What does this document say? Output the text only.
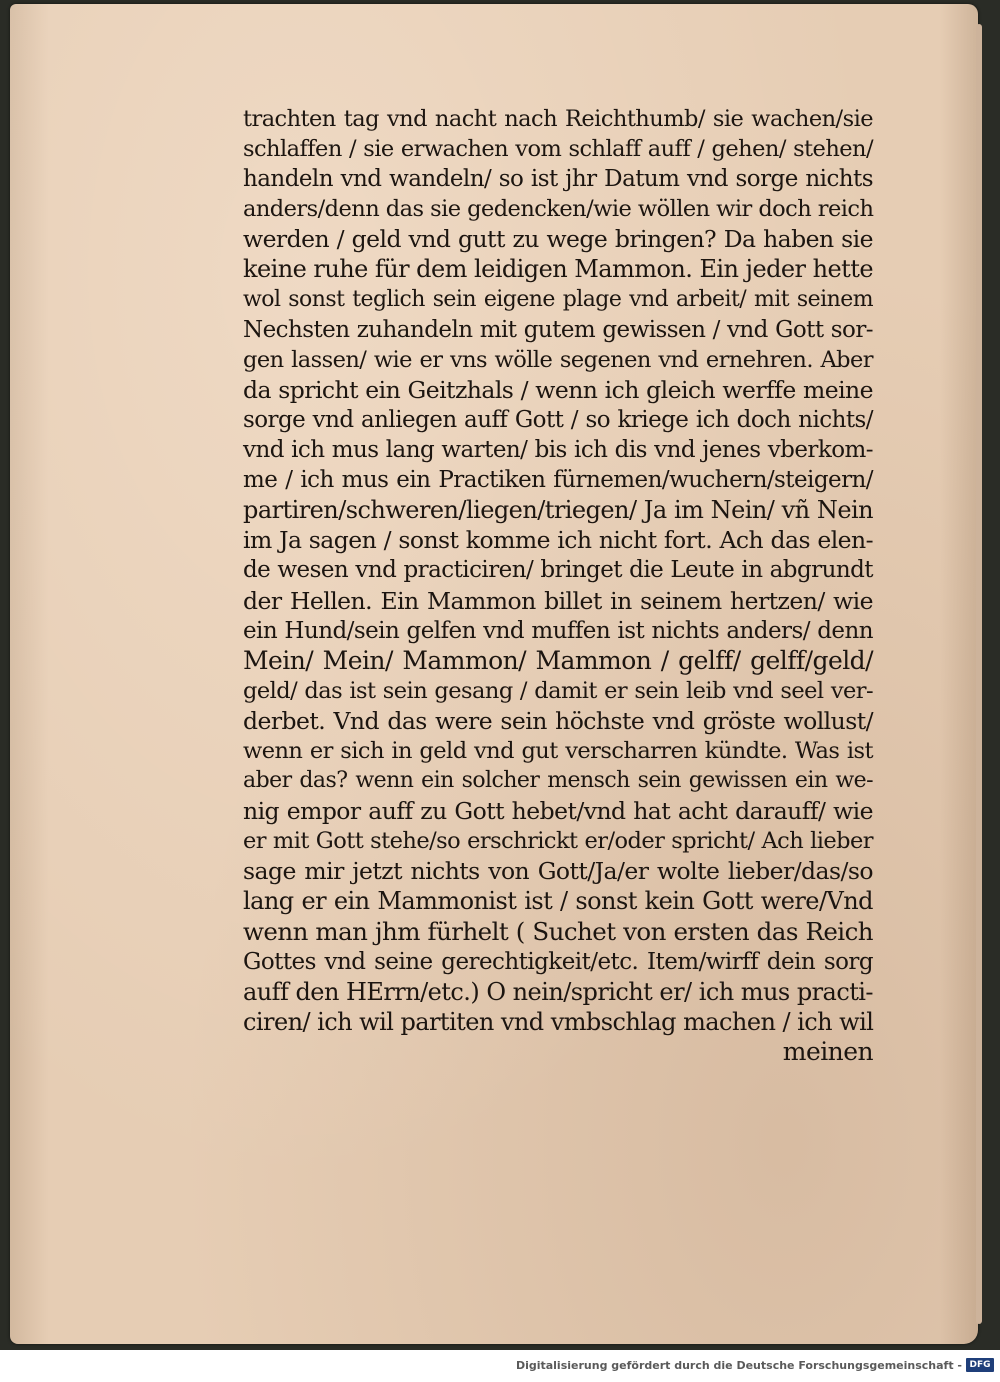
trachten tag vnd nacht nach Reichthumb/ sie wachen/sie
schlaffen / sie erwachen vom schlaff auff / gehen/ stehen/
handeln vnd wandeln/ so ist jhr Datum vnd sorge nichts
anders/denn das sie gedencken/wie wöllen wir doch reich
werden / geld vnd gutt zu wege bringen? Da haben sie
keine ruhe für dem leidigen Mammon. Ein jeder hette
wol sonst teglich sein eigene plage vnd arbeit/ mit seinem
Nechsten zuhandeln mit gutem gewissen / vnd Gott sor-
gen lassen/ wie er vns wölle segenen vnd ernehren. Aber
da spricht ein Geitzhals / wenn ich gleich werffe meine
sorge vnd anliegen auff Gott / so kriege ich doch nichts/
vnd ich mus lang warten/ bis ich dis vnd jenes vberkom-
me / ich mus ein Practiken fürnemen/wuchern/steigern/
partiren/schweren/liegen/triegen/ Ja im Nein/ vñ Nein
im Ja sagen / sonst komme ich nicht fort. Ach das elen-
de wesen vnd practiciren/ bringet die Leute in abgrundt
der Hellen. Ein Mammon billet in seinem hertzen/ wie
ein Hund/sein gelfen vnd muffen ist nichts anders/ denn
Mein/ Mein/ Mammon/ Mammon / gelff/ gelff/geld/
geld/ das ist sein gesang / damit er sein leib vnd seel ver-
derbet. Vnd das were sein höchste vnd gröste wollust/
wenn er sich in geld vnd gut verscharren kündte. Was ist
aber das? wenn ein solcher mensch sein gewissen ein we-
nig empor auff zu Gott hebet/vnd hat acht darauff/ wie
er mit Gott stehe/so erschrickt er/oder spricht/ Ach lieber
sage mir jetzt nichts von Gott/Ja/er wolte lieber/das/so
lang er ein Mammonist ist / sonst kein Gott were/Vnd
wenn man jhm fürhelt ( Suchet von ersten das Reich
Gottes vnd seine gerechtigkeit/etc. Item/wirff dein sorg
auff den HErrn/etc.) O nein/spricht er/ ich mus practi-
ciren/ ich wil partiten vnd vmbschlag machen / ich wil
meinen
Digitalisierung gefördert durch die Deutsche Forschungsgemeinschaft - DFG
